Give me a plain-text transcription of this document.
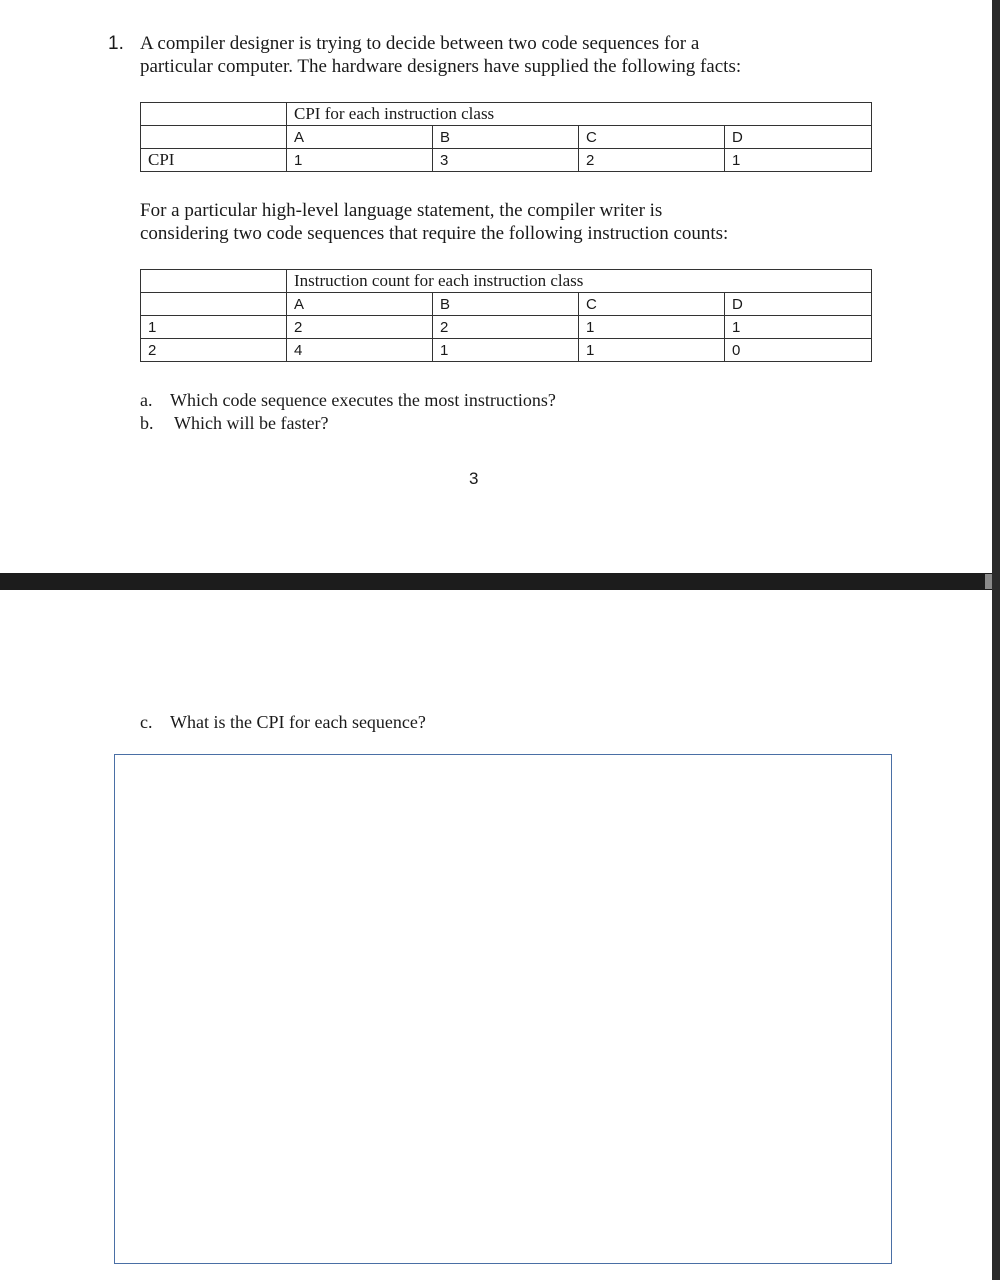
1. A compiler designer is trying to decide between two code sequences for a
particular computer. The hardware designers have supplied the following facts:

	CPI for each instruction class			
	A	B	C	D
CPI	1	3	2	1

For a particular high-level language statement, the compiler writer is
considering two code sequences that require the following instruction counts:

	Instruction count for each instruction class			
	A	B	C	D
1	2	2	1	1
2	4	1	1	0
a. Which code sequence executes the most instructions?
b. Which will be faster?
3
c. What is the CPI for each sequence?
